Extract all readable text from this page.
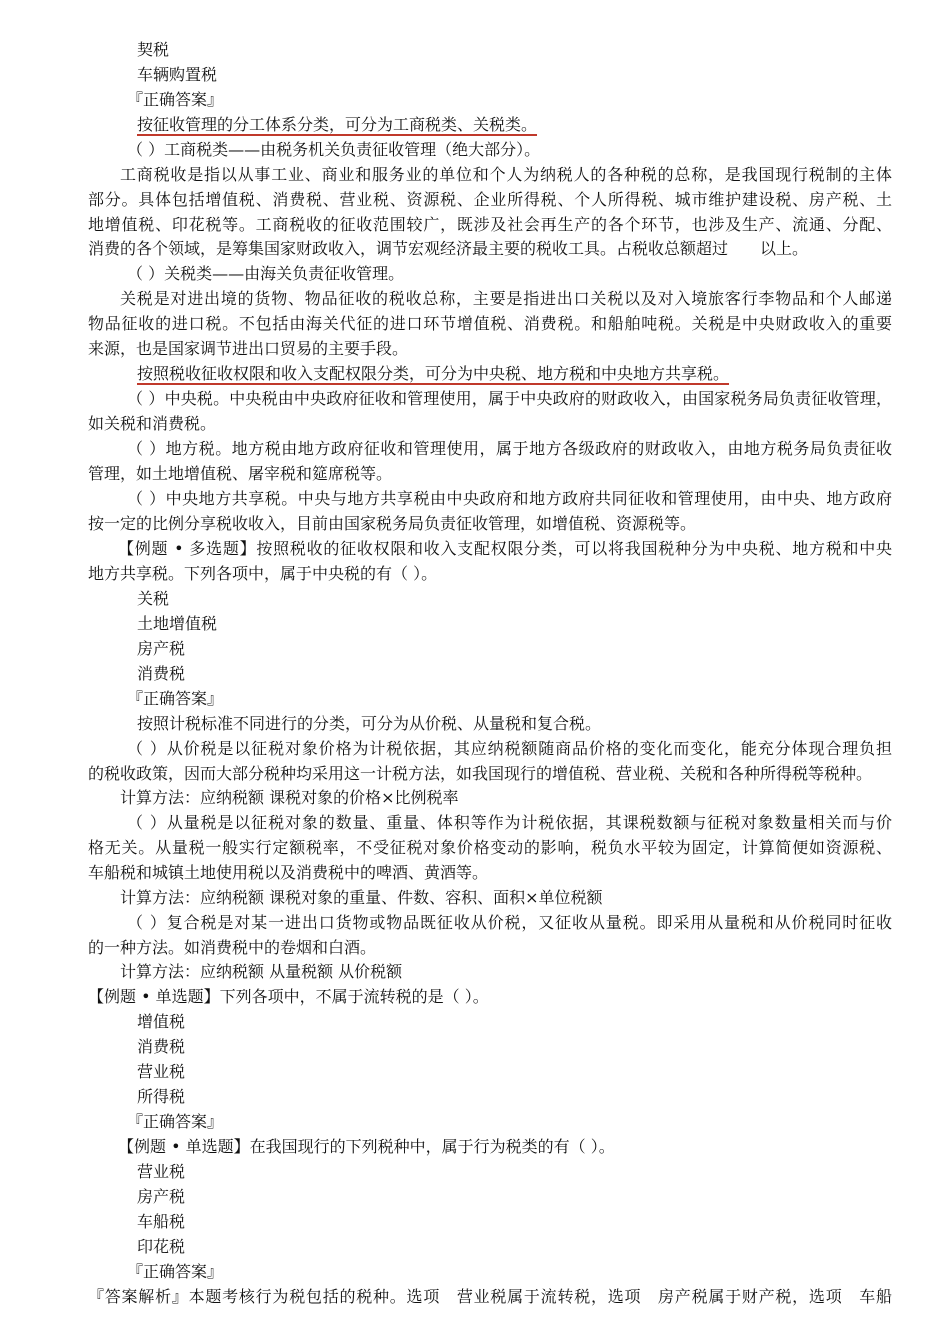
契税
车辆购置税
『正确答案』
按征收管理的分工体系分类，可分为工商税类、关税类。
（ ）工商税类——由税务机关负责征收管理（绝大部分）。
工商税收是指以从事工业、商业和服务业的单位和个人为纳税人的各种税的总称，是我国现行税制的主体
部分。具体包括增值税、消费税、营业税、资源税、企业所得税、个人所得税、城市维护建设税、房产税、土
地增值税、印花税等。工商税收的征收范围较广，既涉及社会再生产的各个环节，也涉及生产、流通、分配、
消费的各个领域，是筹集国家财政收入，调节宏观经济最主要的税收工具。占税收总额超过　　以上。
（ ）关税类——由海关负责征收管理。
关税是对进出境的货物、物品征收的税收总称，主要是指进出口关税以及对入境旅客行李物品和个人邮递
物品征收的进口税。不包括由海关代征的进口环节增值税、消费税。和船舶吨税。关税是中央财政收入的重要
来源，也是国家调节进出口贸易的主要手段。
按照税收征收权限和收入支配权限分类，可分为中央税、地方税和中央地方共享税。
（ ）中央税。中央税由中央政府征收和管理使用，属于中央政府的财政收入，由国家税务局负责征收管理，
如关税和消费税。
（ ）地方税。地方税由地方政府征收和管理使用，属于地方各级政府的财政收入，由地方税务局负责征收
管理，如土地增值税、屠宰税和筵席税等。
（ ）中央地方共享税。中央与地方共享税由中央政府和地方政府共同征收和管理使用，由中央、地方政府
按一定的比例分享税收收入，目前由国家税务局负责征收管理，如增值税、资源税等。
【例题 • 多选题】按照税收的征收权限和收入支配权限分类，可以将我国税种分为中央税、地方税和中央
地方共享税。下列各项中，属于中央税的有（ ）。
关税
土地增值税
房产税
消费税
『正确答案』
按照计税标准不同进行的分类，可分为从价税、从量税和复合税。
（ ）从价税是以征税对象价格为计税依据，其应纳税额随商品价格的变化而变化，能充分体现合理负担
的税收政策，因而大部分税种均采用这一计税方法，如我国现行的增值税、营业税、关税和各种所得税等税种。
计算方法：应纳税额 课税对象的价格×比例税率
（ ）从量税是以征税对象的数量、重量、体积等作为计税依据，其课税数额与征税对象数量相关而与价
格无关。从量税一般实行定额税率，不受征税对象价格变动的影响，税负水平较为固定，计算简便如资源税、
车船税和城镇土地使用税以及消费税中的啤酒、黄酒等。
计算方法：应纳税额 课税对象的重量、件数、容积、面积×单位税额
（ ）复合税是对某一进出口货物或物品既征收从价税，又征收从量税。即采用从量税和从价税同时征收
的一种方法。如消费税中的卷烟和白酒。
计算方法：应纳税额 从量税额 从价税额
【例题 • 单选题】下列各项中，不属于流转税的是（ ）。
增值税
消费税
营业税
所得税
『正确答案』
【例题 • 单选题】在我国现行的下列税种中，属于行为税类的有（ ）。
营业税
房产税
车船税
印花税
『正确答案』
『答案解析』本题考核行为税包括的税种。选项　营业税属于流转税，选项　房产税属于财产税，选项　车船
